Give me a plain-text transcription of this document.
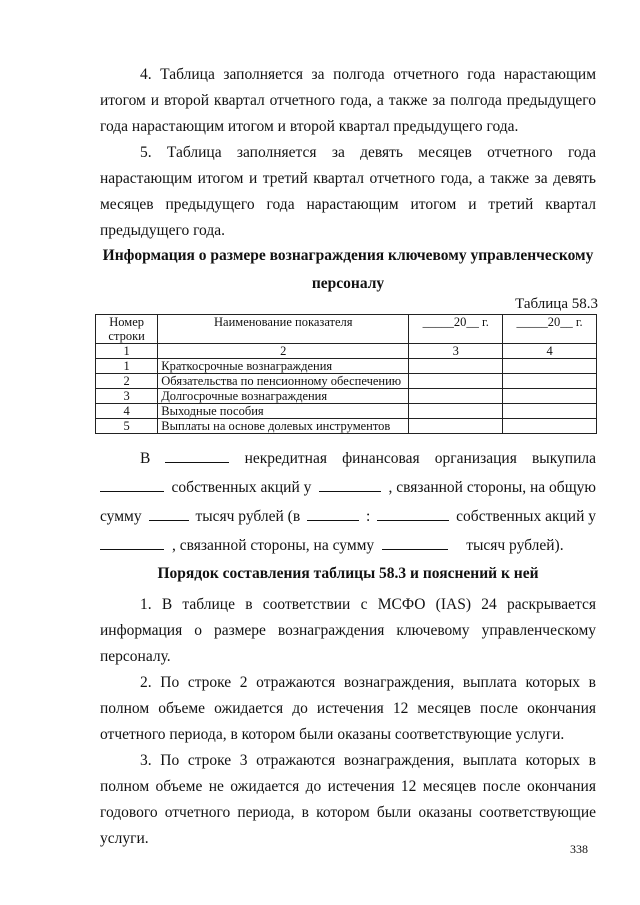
4. Таблица заполняется за полгода отчетного года нарастающим итогом и второй квартал отчетного года, а также за полгода предыдущего года нарастающим итогом и второй квартал предыдущего года.

5. Таблица заполняется за девять месяцев отчетного года нарастающим итогом и третий квартал отчетного года, а также за девять месяцев предыдущего года нарастающим итогом и третий квартал предыдущего года.

Информация о размере вознаграждения ключевому управленческому персоналу

Таблица 58.3
Номер строки	Наименование показателя	_____20__ г.	_____20__ г.
1	2	3	4
1	Краткосрочные вознаграждения		
2	Обязательства по пенсионному обеспечению		
3	Долгосрочные вознаграждения		
4	Выходные пособия		
5	Выплаты на основе долевых инструментов		
В	некредитная финансовая организация выкупила
собственных акций у	, связанной стороны, на общую
сумму	тысяч рублей (в	:	собственных акций у
, связанной стороны, на сумму	тысяч рублей).

Порядок составления таблицы 58.3 и пояснений к ней

1. В таблице в соответствии с МСФО (IAS) 24 раскрывается информация о размере вознаграждения ключевому управленческому персоналу.

2. По строке 2 отражаются вознаграждения, выплата которых в полном объеме ожидается до истечения 12 месяцев после окончания отчетного периода, в котором были оказаны соответствующие услуги.

3. По строке 3 отражаются вознаграждения, выплата которых в полном объеме не ожидается до истечения 12 месяцев после окончания годового отчетного периода, в котором были оказаны соответствующие услуги.

338
